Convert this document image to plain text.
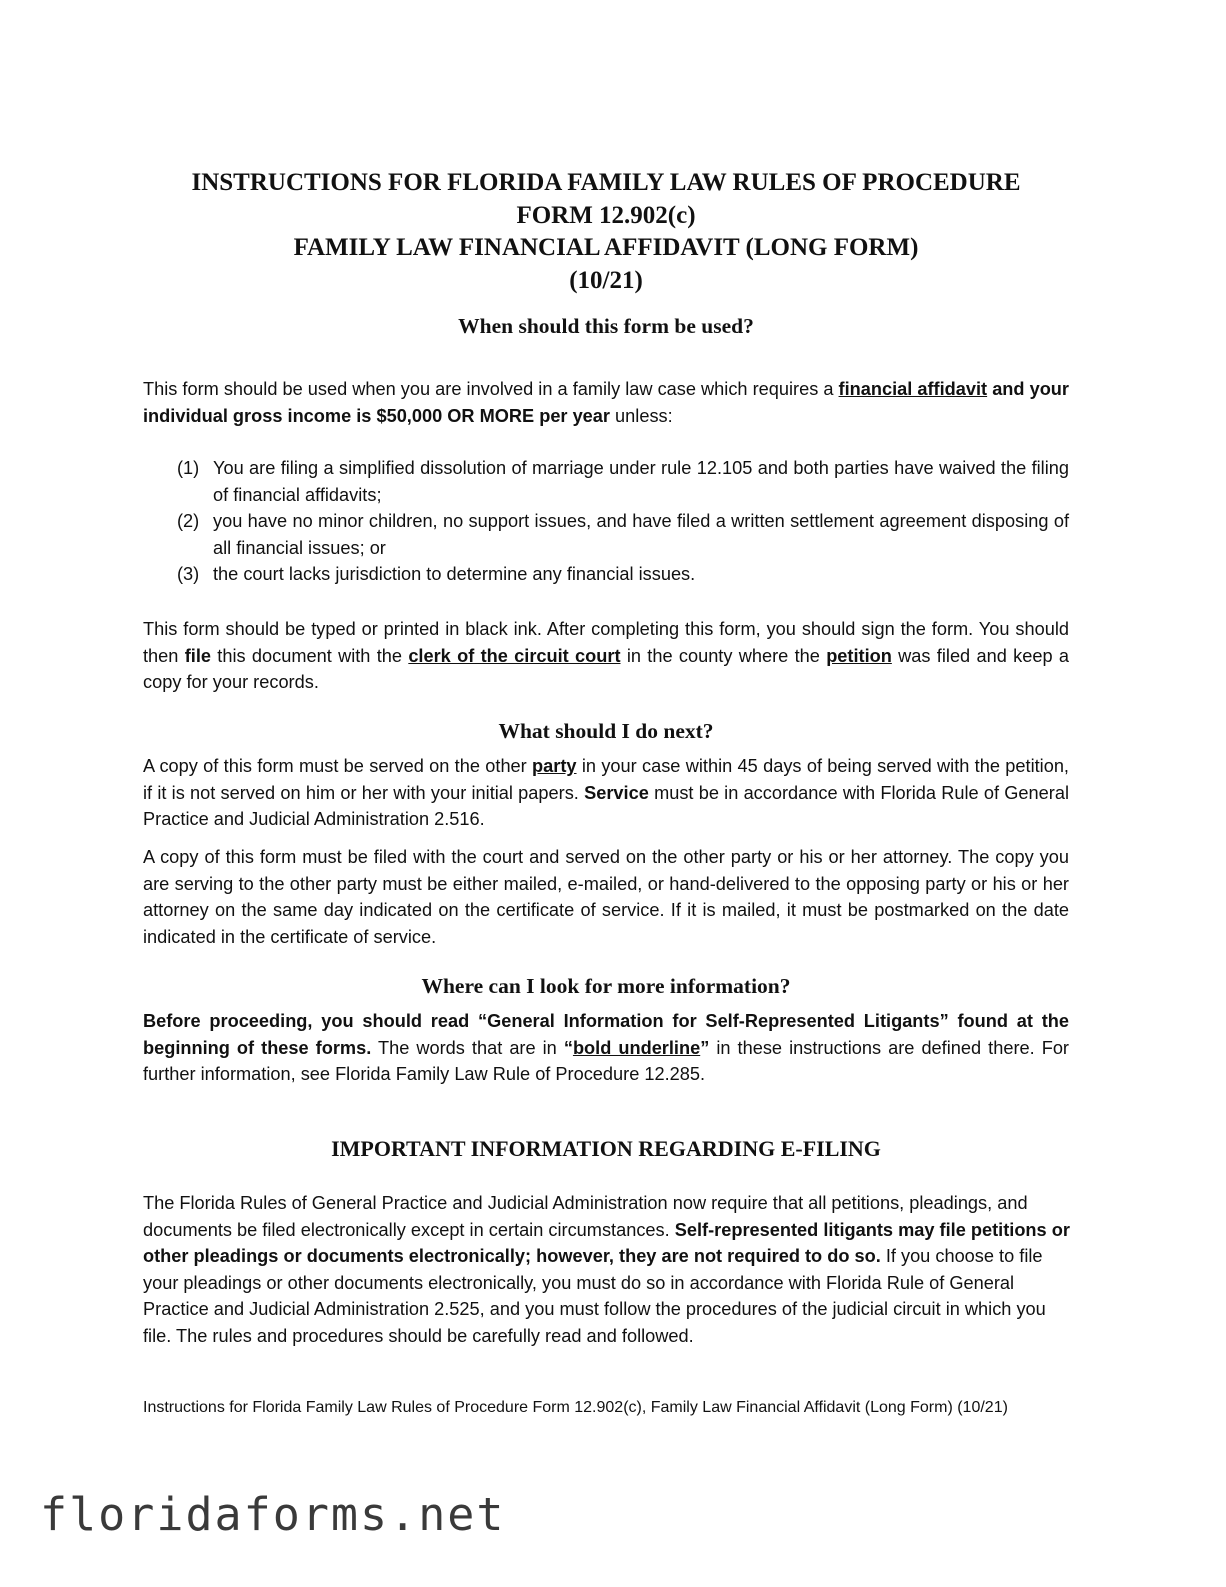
INSTRUCTIONS FOR FLORIDA FAMILY LAW RULES OF PROCEDURE
FORM 12.902(c)
FAMILY LAW FINANCIAL AFFIDAVIT (LONG FORM)
(10/21)
When should this form be used?

This form should be used when you are involved in a family law case which requires a financial affidavit and your individual gross income is $50,000 OR MORE per year unless:

(1) You are filing a simplified dissolution of marriage under rule 12.105 and both parties have waived the filing of financial affidavits;
(2) you have no minor children, no support issues, and have filed a written settlement agreement disposing of all financial issues; or
(3) the court lacks jurisdiction to determine any financial issues.

This form should be typed or printed in black ink. After completing this form, you should sign the form. You should then file this document with the clerk of the circuit court in the county where the petition was filed and keep a copy for your records.

What should I do next?

A copy of this form must be served on the other party in your case within 45 days of being served with the petition, if it is not served on him or her with your initial papers. Service must be in accordance with Florida Rule of General Practice and Judicial Administration 2.516.

A copy of this form must be filed with the court and served on the other party or his or her attorney. The copy you are serving to the other party must be either mailed, e-mailed, or hand-delivered to the opposing party or his or her attorney on the same day indicated on the certificate of service. If it is mailed, it must be postmarked on the date indicated in the certificate of service.

Where can I look for more information?

Before proceeding, you should read “General Information for Self-Represented Litigants” found at the beginning of these forms. The words that are in “bold underline” in these instructions are defined there. For further information, see Florida Family Law Rule of Procedure 12.285.

IMPORTANT INFORMATION REGARDING E-FILING

The Florida Rules of General Practice and Judicial Administration now require that all petitions, pleadings, and documents be filed electronically except in certain circumstances. Self-represented litigants may file petitions or other pleadings or documents electronically; however, they are not required to do so. If you choose to file your pleadings or other documents electronically, you must do so in accordance with Florida Rule of General Practice and Judicial Administration 2.525, and you must follow the procedures of the judicial circuit in which you file. The rules and procedures should be carefully read and followed.

Instructions for Florida Family Law Rules of Procedure Form 12.902(c), Family Law Financial Affidavit (Long Form) (10/21)
floridaforms.net
